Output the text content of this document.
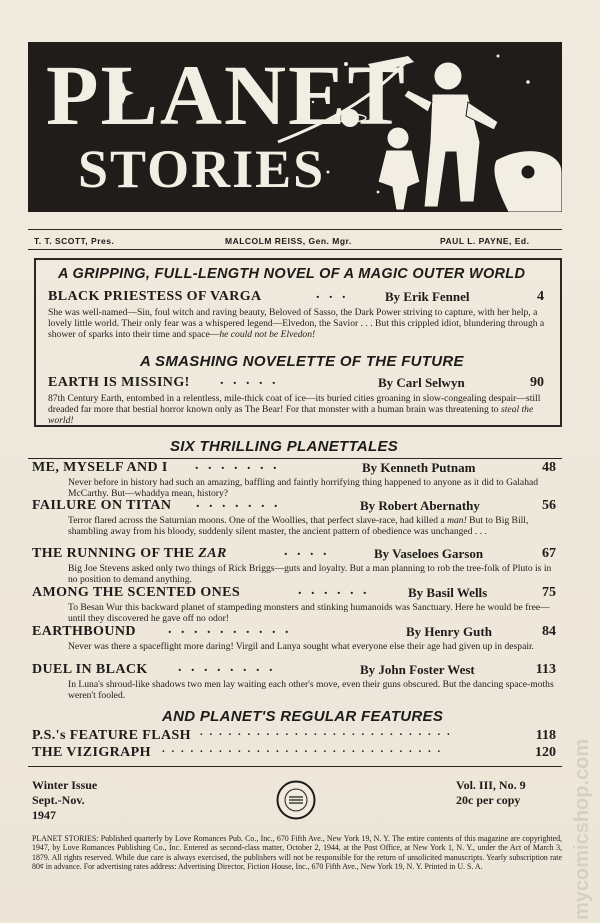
PLANET
STORIES
T. T. SCOTT, Pres.	MALCOLM REISS, Gen. Mgr.	PAUL L. PAYNE, Ed.
A GRIPPING, FULL-LENGTH NOVEL OF A MAGIC OUTER WORLD
BLACK PRIESTESS OF VARGA	. . .	By Erik Fennel	4
She was well-named—Sin, foul witch and raving beauty, Beloved of Sasso, the Dark Power striving to capture, with her help, a lovely little world. Their only fear was a whispered legend—Elvedon, the Savior . . . But this crippled idiot, blundering through a shower of sparks into their time and space—he could not be Elvedon!
A SMASHING NOVELETTE OF THE FUTURE
EARTH IS MISSING! . . . . .	By Carl Selwyn	90
87th Century Earth, entombed in a relentless, mile-thick coat of ice—its buried cities groaning in slow-congealing despair—still dreaded far more that bestial horror known only as The Bear! For that monster with a human brain was threatening to steal the world!
SIX THRILLING PLANETTALES
ME, MYSELF AND I . . . . . . .	By Kenneth Putnam	48
Never before in history had such an amazing, baffling and faintly horrifying thing happened to anyone as it did to Galahad McCarthy. But—whaddya mean, history?
FAILURE ON TITAN . . . . . . .	By Robert Abernathy	56
Terror flared across the Saturnian moons. One of the Woollies, that perfect slave-race, had killed a man! But to Big Bill, shambling away from his bloody, suddenly silent master, the ancient pattern of obedience was unchanged . . .
THE RUNNING OF THE ZAR	. . . .	By Vaseloes Garson	67
Big Joe Stevens asked only two things of Rick Briggs—guts and loyalty. But a man planning to rob the tree-folk of Pluto is in no position to demand anything.
AMONG THE SCENTED ONES	. . . . . .	By Basil Wells	75
To Besan Wur this backward planet of stampeding monsters and stinking humanoids was Sanctuary. Here he would be free—until they discovered he gave off no odor!
EARTHBOUND . . . . . . . . . .	By Henry Guth	84
Never was there a spaceflight more daring! Virgil and Lanya sought what everyone else their age had given up in despair.
DUEL IN BLACK . . . . . . . .	By John Foster West	113
In Luna's shroud-like shadows two men lay waiting each other's move, even their guns obscured. But the dancing space-moths weren't fooled.
AND PLANET'S REGULAR FEATURES
P.S.'s FEATURE FLASH . . . . . . . . . . . . . . . . . . . . . . . . . . .	118
THE VIZIGRAPH . . . . . . . . . . . . . . . . . . . . . . . . . . . . . .	120
Winter Issue
Sept.-Nov.
1947
Vol. III, No. 9
20c per copy
PLANET STORIES: Published quarterly by Love Romances Pub. Co., Inc., 670 Fifth Ave., New York 19, N. Y. The entire contents of this magazine are copyrighted, 1947, by Love Romances Publishing Co., Inc. Entered as second-class matter, October 2, 1944, at the Post Office, at New York 1, N. Y., under the Act of March 3, 1879. All rights reserved. While due care is always exercised, the publishers will not be responsible for the return of unsolicited manuscripts. Yearly subscription rate 80¢ in advance. For advertising rates address: Advertising Director, Fiction House, Inc., 670 Fifth Ave., New York 19, N. Y. Printed in U. S. A.	mycomicshop.com
